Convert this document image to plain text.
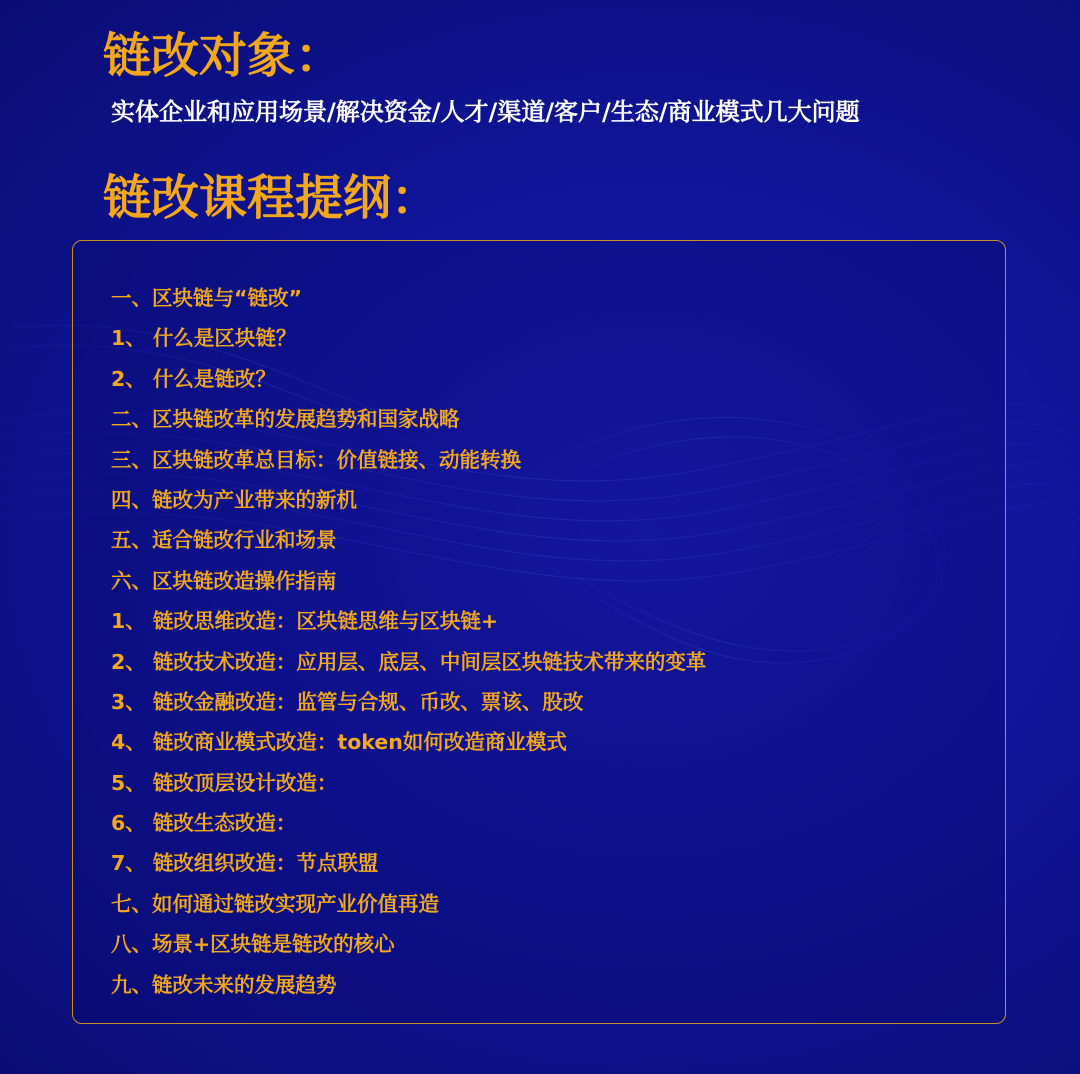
链改对象：

实体企业和应用场景/解决资金/人才/渠道/客户/生态/商业模式几大问题

链改课程提纲：
一、区块链与“链改”
1、 什么是区块链？
2、 什么是链改？
二、区块链改革的发展趋势和国家战略
三、区块链改革总目标：价值链接、动能转换
四、链改为产业带来的新机
五、适合链改行业和场景
六、区块链改造操作指南
1、 链改思维改造：区块链思维与区块链+
2、 链改技术改造：应用层、底层、中间层区块链技术带来的变革
3、 链改金融改造：监管与合规、币改、票该、股改
4、 链改商业模式改造：token如何改造商业模式
5、 链改顶层设计改造：
6、 链改生态改造：
7、 链改组织改造：节点联盟
七、如何通过链改实现产业价值再造
八、场景+区块链是链改的核心
九、链改未来的发展趋势
